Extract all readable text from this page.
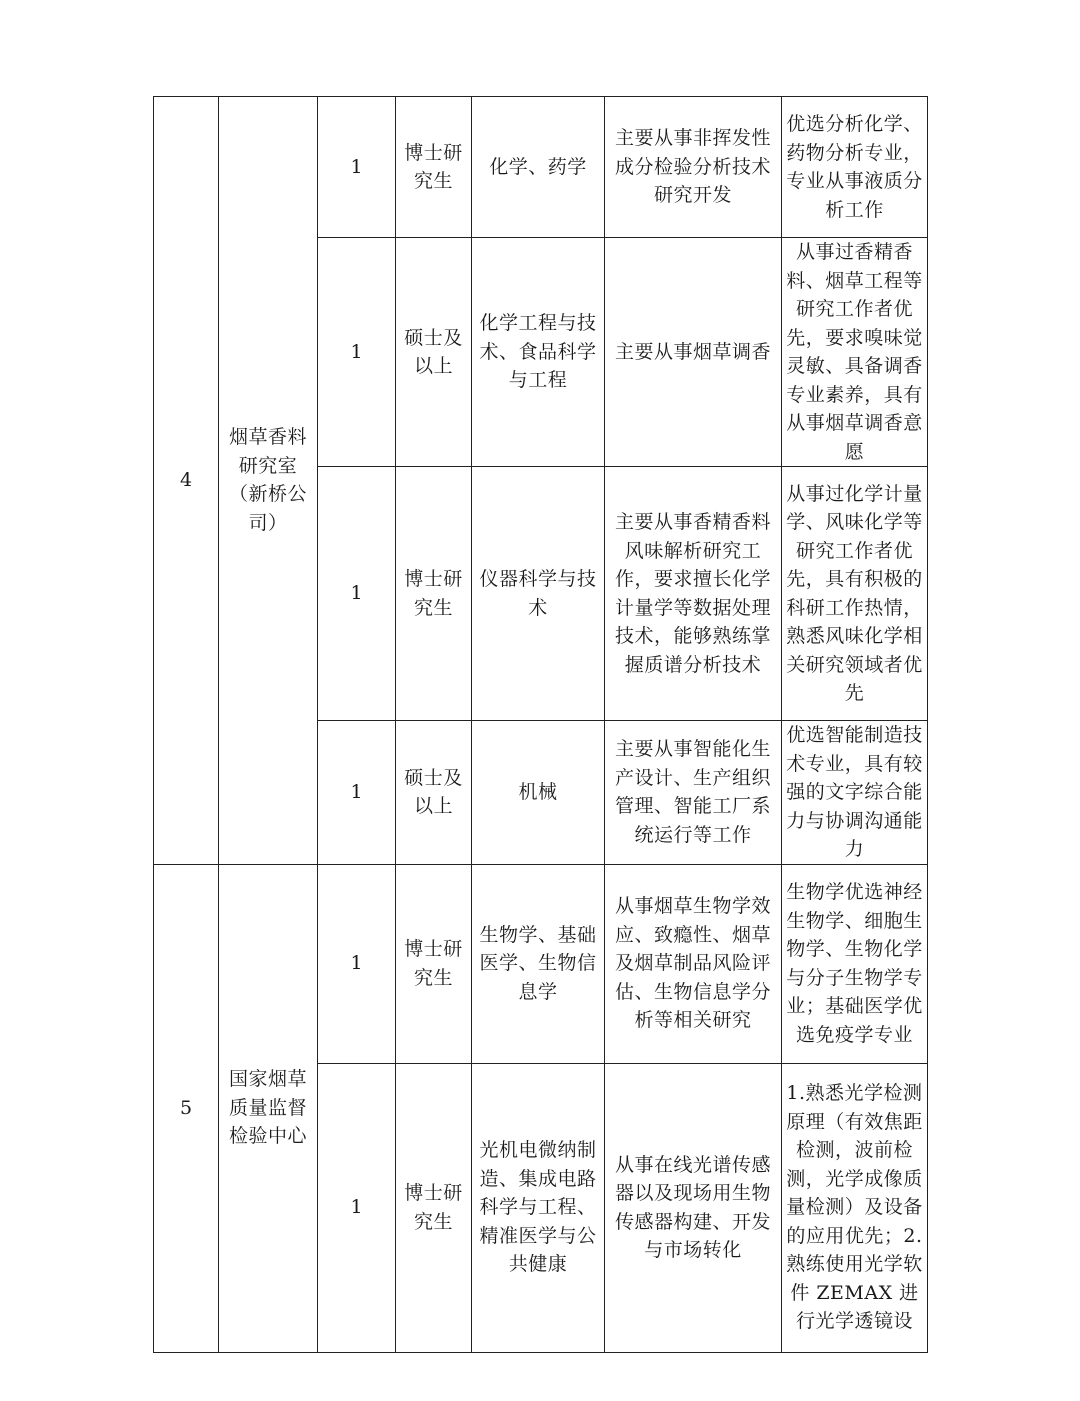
4	烟草香料研究室（新桥公司）	1	博士研究生	化学、药学	主要从事非挥发性成分检验分析技术研究开发	优选分析化学、药物分析专业，专业从事液质分析工作
		1	硕士及以上	化学工程与技术、食品科学与工程	主要从事烟草调香	从事过香精香料、烟草工程等研究工作者优先，要求嗅味觉灵敏、具备调香专业素养，具有从事烟草调香意愿
		1	博士研究生	仪器科学与技术	主要从事香精香料风味解析研究工作，要求擅长化学计量学等数据处理技术，能够熟练掌握质谱分析技术	从事过化学计量学、风味化学等研究工作者优先，具有积极的科研工作热情，熟悉风味化学相关研究领域者优先
		1	硕士及以上	机械	主要从事智能化生产设计、生产组织管理、智能工厂系统运行等工作	优选智能制造技术专业，具有较强的文字综合能力与协调沟通能力
5	国家烟草质量监督检验中心	1	博士研究生	生物学、基础医学、生物信息学	从事烟草生物学效应、致瘾性、烟草及烟草制品风险评估、生物信息学分析等相关研究	生物学优选神经生物学、细胞生物学、生物化学与分子生物学专业；基础医学优选免疫学专业
		1	博士研究生	光机电微纳制造、集成电路科学与工程、精准医学与公共健康	从事在线光谱传感器以及现场用生物传感器构建、开发与市场转化	1.熟悉光学检测原理（有效焦距检测，波前检测，光学成像质量检测）及设备的应用优先；2.熟练使用光学软件 ZEMAX 进行光学透镜设
